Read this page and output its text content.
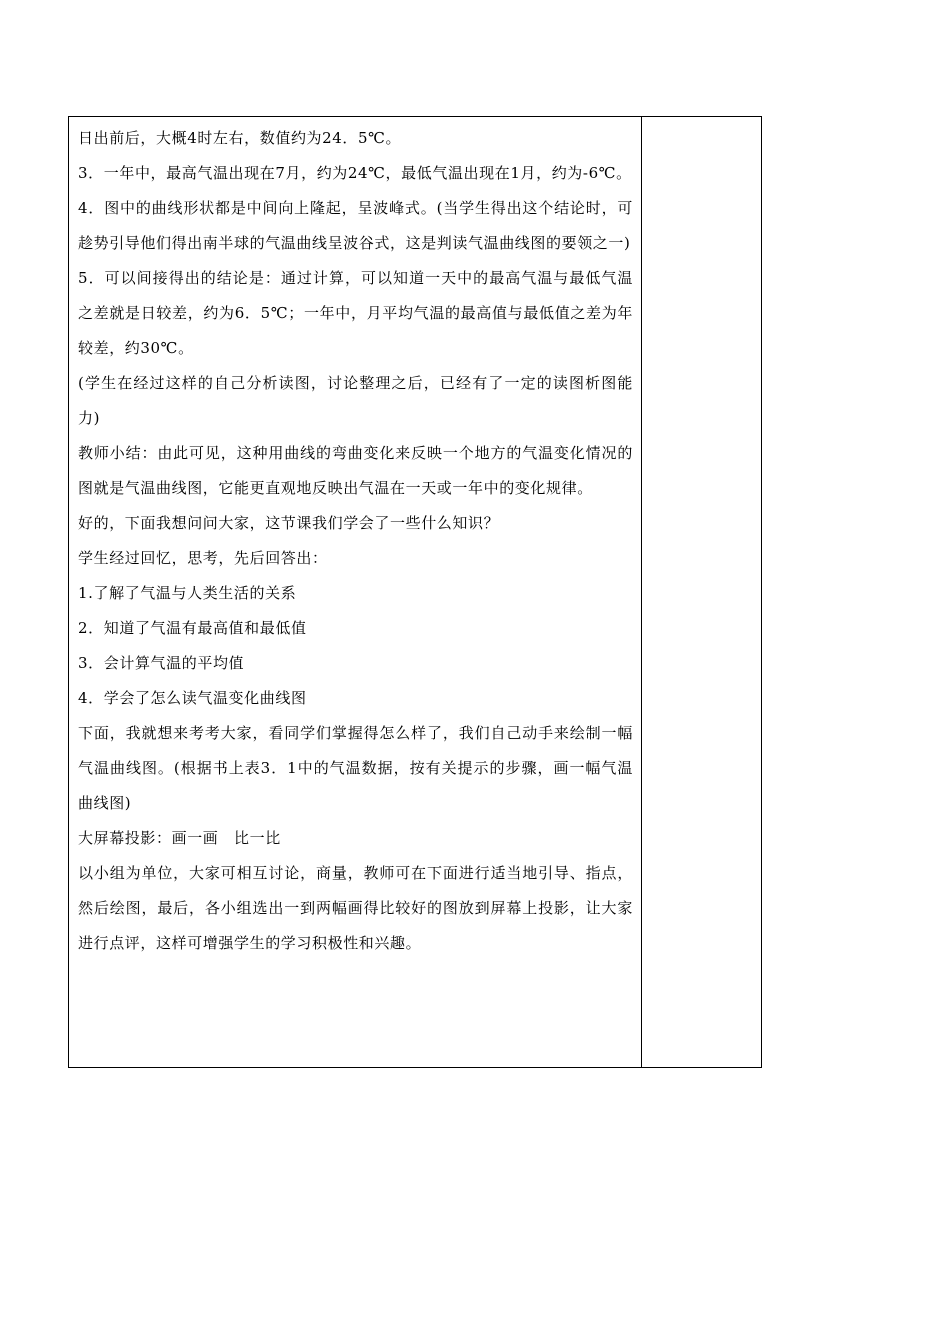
日出前后，大概4时左右，数值约为24．5℃。

3．一年中，最高气温出现在7月，约为24℃，最低气温出现在1月，约为-6℃。

4．图中的曲线形状都是中间向上隆起，呈波峰式。(当学生得出这个结论时，可趁势引导他们得出南半球的气温曲线呈波谷式，这是判读气温曲线图的要领之一)

5．可以间接得出的结论是：通过计算，可以知道一天中的最高气温与最低气温之差就是日较差，约为6．5℃；一年中，月平均气温的最高值与最低值之差为年较差，约30℃。

(学生在经过这样的自己分析读图，讨论整理之后，已经有了一定的读图析图能力)

教师小结：由此可见，这种用曲线的弯曲变化来反映一个地方的气温变化情况的图就是气温曲线图，它能更直观地反映出气温在一天或一年中的变化规律。

好的，下面我想问问大家，这节课我们学会了一些什么知识？

学生经过回忆，思考，先后回答出：

1.了解了气温与人类生活的关系

2．知道了气温有最高值和最低值

3．会计算气温的平均值

4．学会了怎么读气温变化曲线图

下面，我就想来考考大家，看同学们掌握得怎么样了，我们自己动手来绘制一幅气温曲线图。(根据书上表3．1中的气温数据，按有关提示的步骤，画一幅气温曲线图)

大屏幕投影：画一画　比一比

以小组为单位，大家可相互讨论，商量，教师可在下面进行适当地引导、指点，然后绘图，最后，各小组选出一到两幅画得比较好的图放到屏幕上投影，让大家进行点评，这样可增强学生的学习积极性和兴趣。
